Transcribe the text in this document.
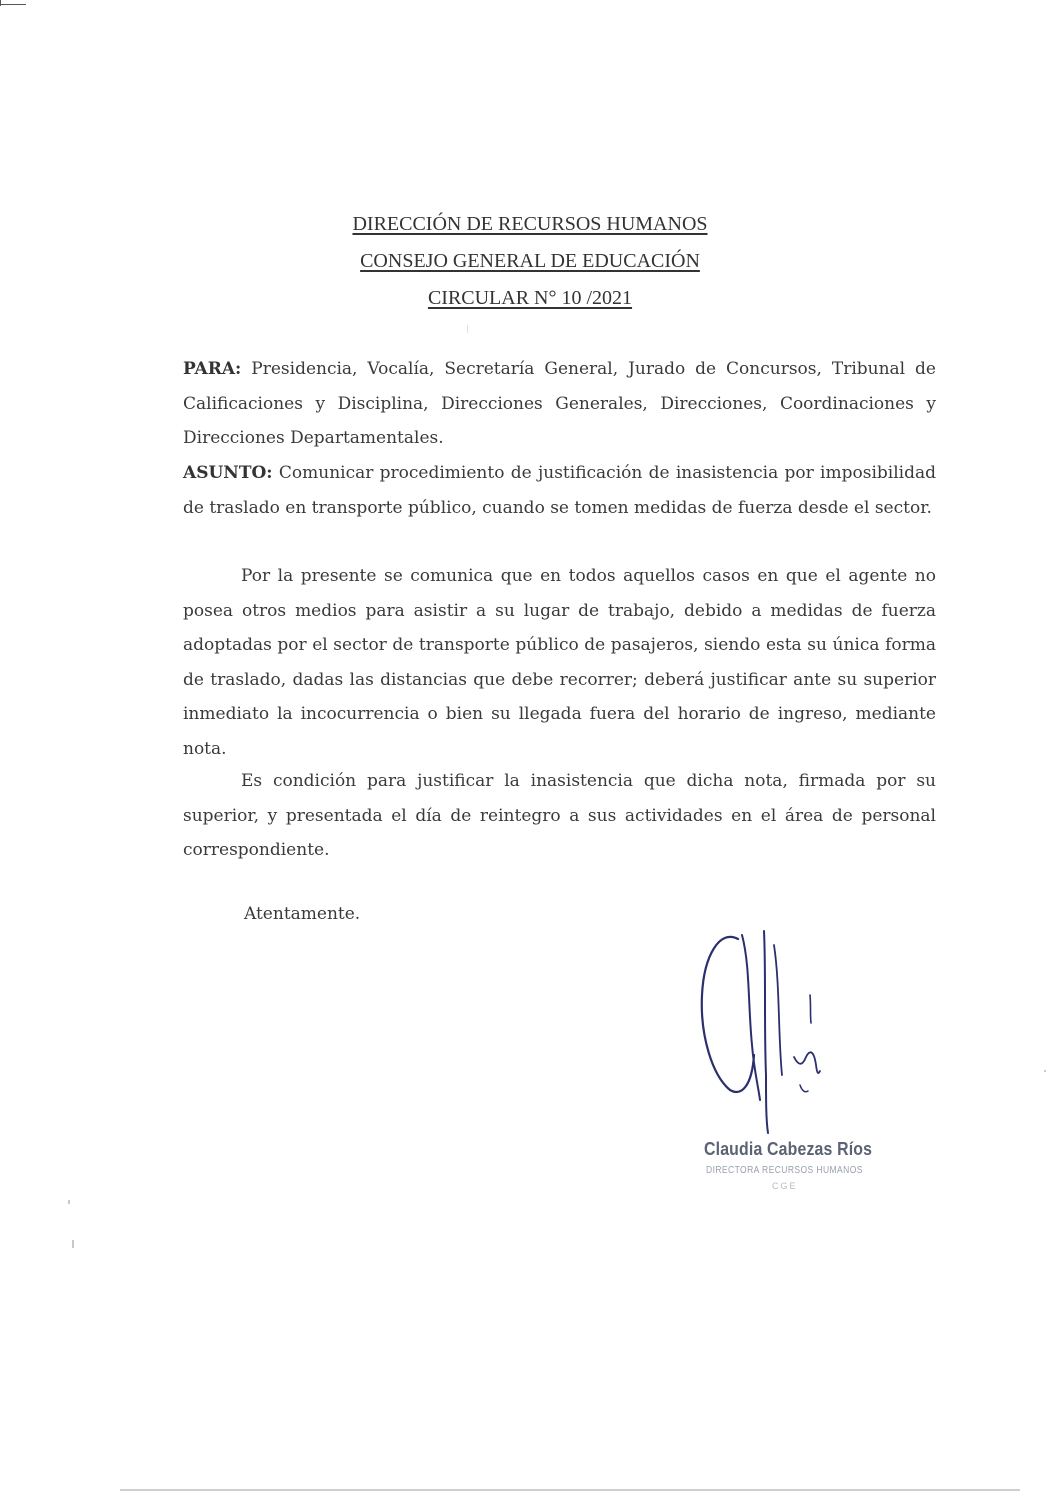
DIRECCIÓN DE RECURSOS HUMANOS
CONSEJO GENERAL DE EDUCACIÓN
CIRCULAR N° 10 /2021

PARA: Presidencia, Vocalía, Secretaría General, Jurado de Concursos, Tribunal de Calificaciones y Disciplina, Direcciones Generales, Direcciones, Coordinaciones y Direcciones Departamentales.

ASUNTO: Comunicar procedimiento de justificación de inasistencia por imposibilidad de traslado en transporte público, cuando se tomen medidas de fuerza desde el sector.

Por la presente se comunica que en todos aquellos casos en que el agente no posea otros medios para asistir a su lugar de trabajo, debido a medidas de fuerza adoptadas por el sector de transporte público de pasajeros, siendo esta su única forma de traslado, dadas las distancias que debe recorrer; deberá justificar ante su superior inmediato la incocurrencia o bien su llegada fuera del horario de ingreso, mediante nota.

Es condición para justificar la inasistencia que dicha nota, firmada por su superior, y presentada el día de reintegro a sus actividades en el área de personal correspondiente.

Atentamente.
Claudia Cabezas Ríos
DIRECTORA RECURSOS HUMANOS
CGE
